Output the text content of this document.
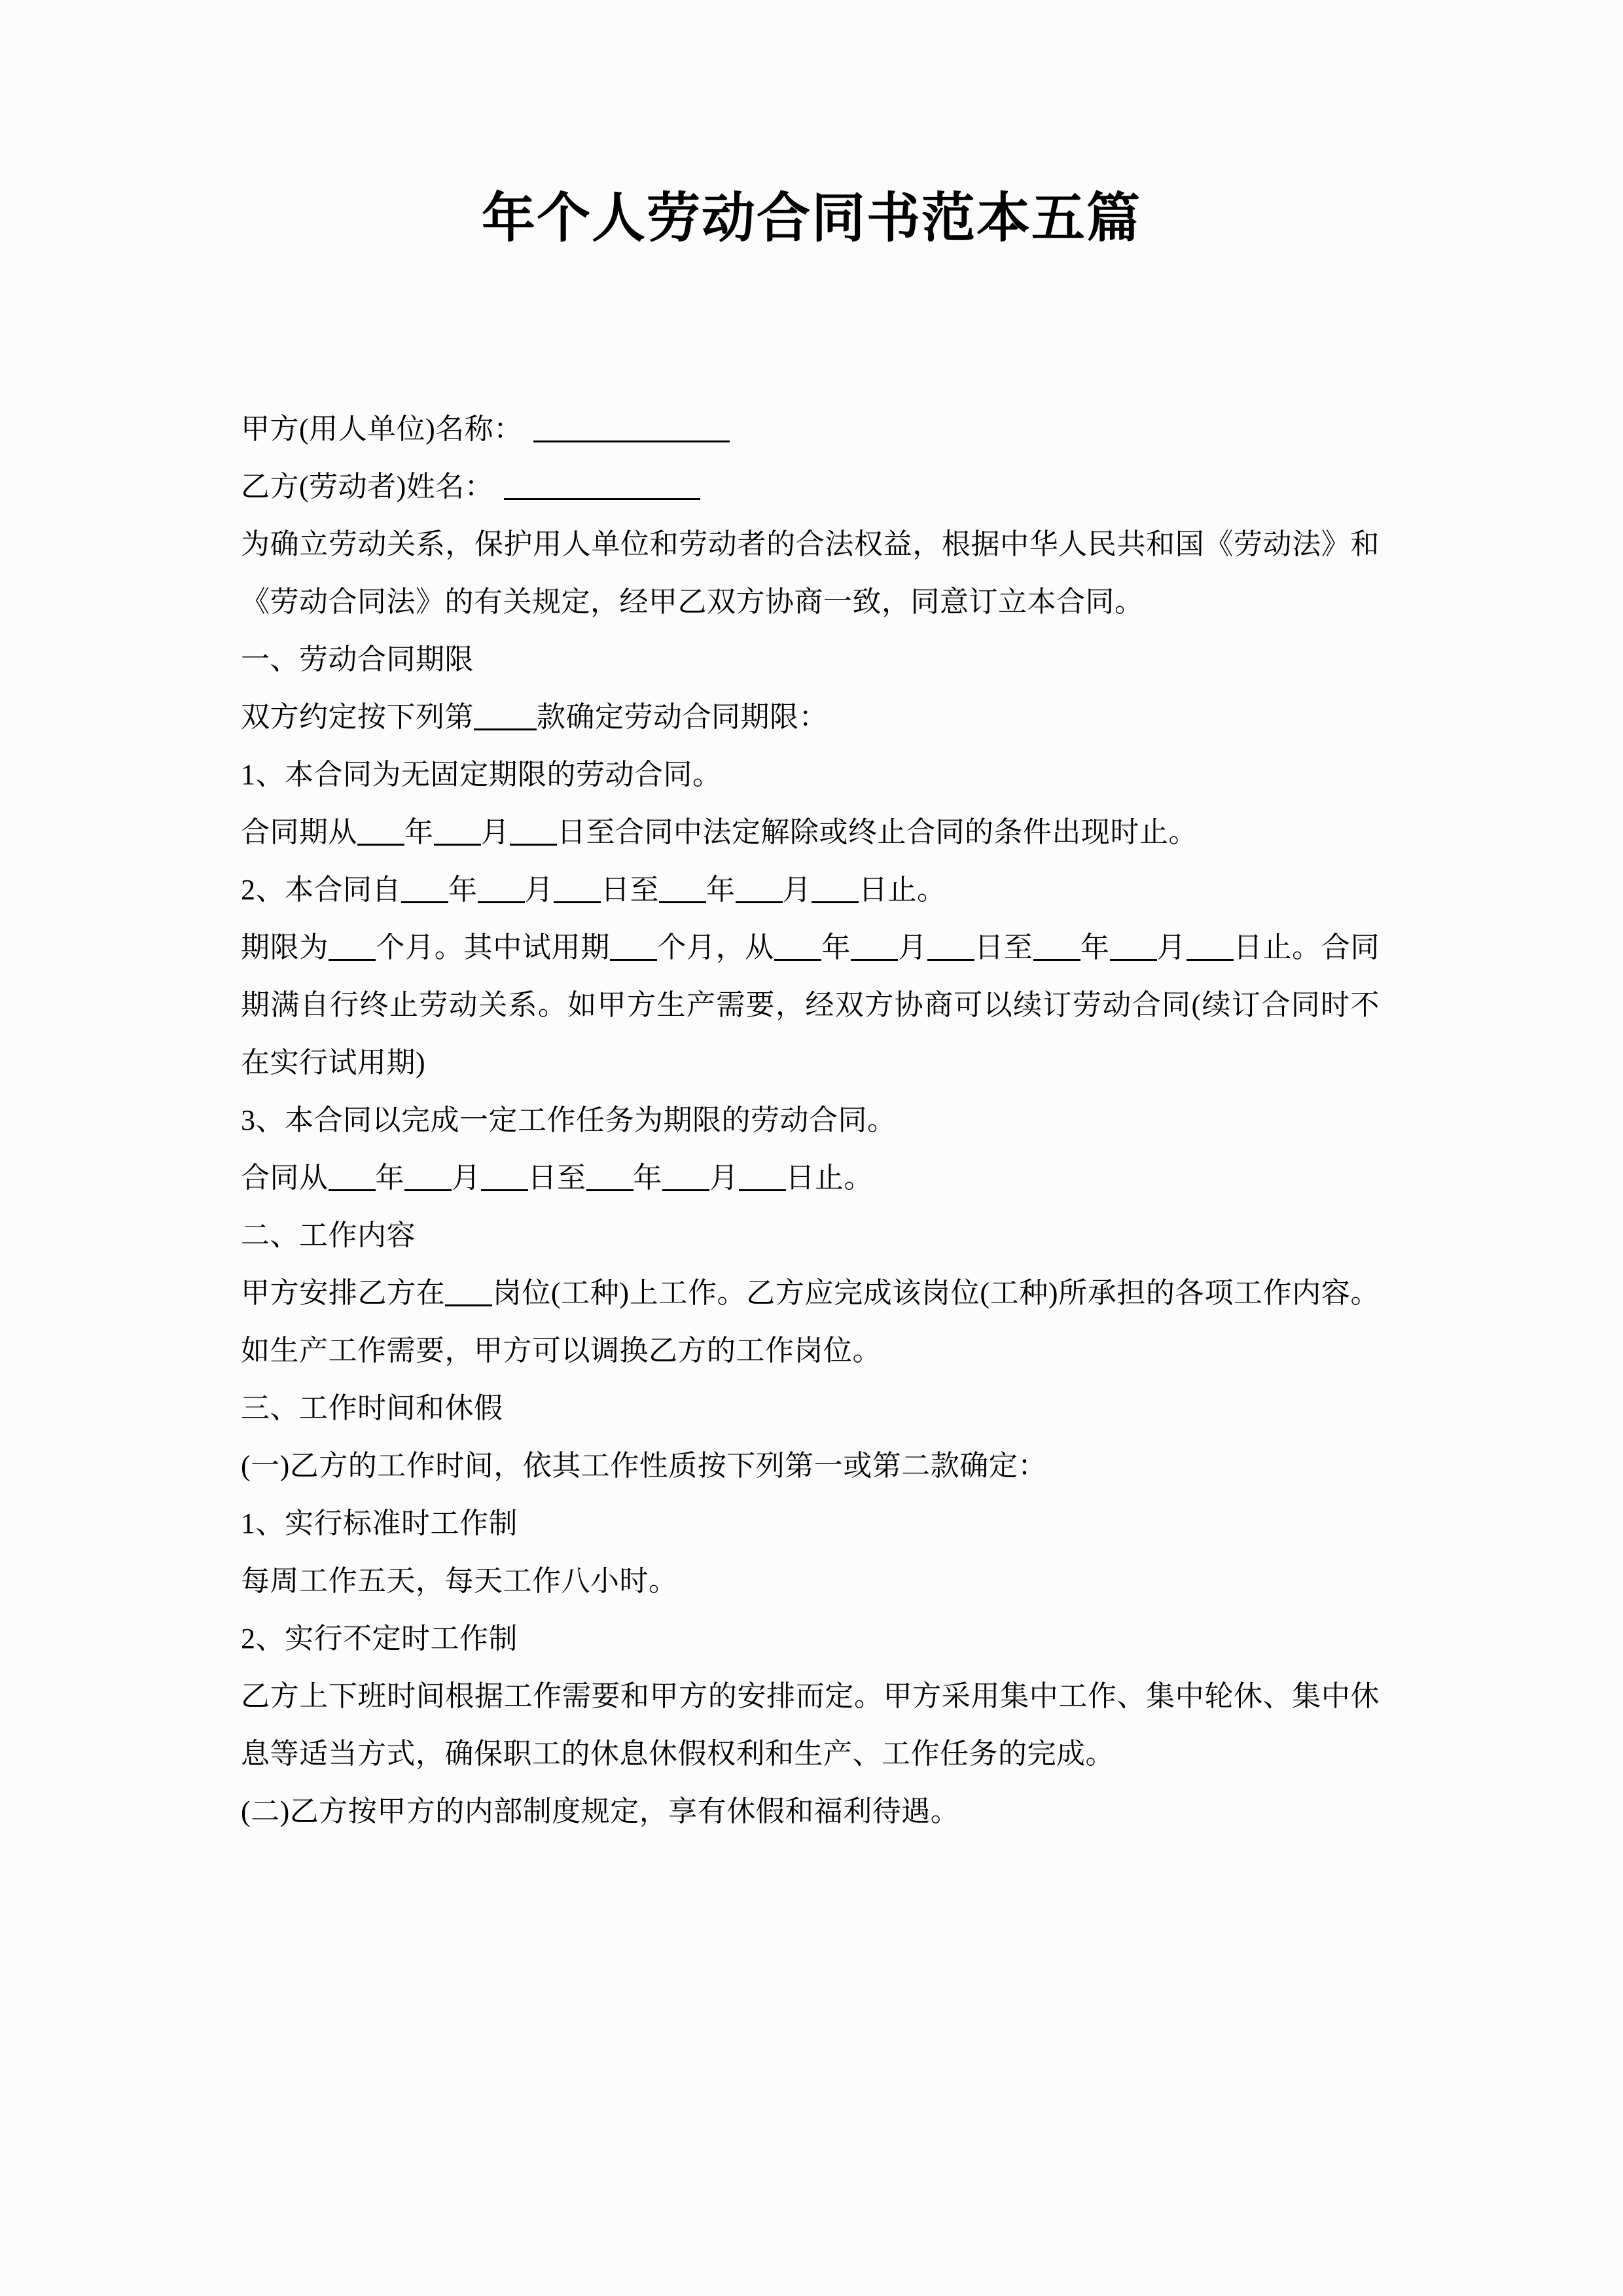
年个人劳动合同书范本五篇

甲方(用人单位)名称：

乙方(劳动者)姓名：

为确立劳动关系，保护用人单位和劳动者的合法权益，根据中华人民共和国《劳动法》和《劳动合同法》的有关规定，经甲乙双方协商一致，同意订立本合同。

一、劳动合同期限

双方约定按下列第 款确定劳动合同期限：

1、本合同为无固定期限的劳动合同。

合同期从 年 月 日至合同中法定解除或终止合同的条件出现时止。

2、本合同自 年 月 日至 年 月 日止。

期限为 个月。其中试用期 个月，从 年 月 日至 年 月 日止。合同期满自行终止劳动关系。如甲方生产需要，经双方协商可以续订劳动合同(续订合同时不在实行试用期)

3、本合同以完成一定工作任务为期限的劳动合同。

合同从 年 月 日至 年 月 日止。

二、工作内容

甲方安排乙方在 岗位(工种)上工作。乙方应完成该岗位(工种)所承担的各项工作内容。如生产工作需要，甲方可以调换乙方的工作岗位。

三、工作时间和休假

(一)乙方的工作时间，依其工作性质按下列第一或第二款确定：

1、实行标准时工作制

每周工作五天，每天工作八小时。

2、实行不定时工作制

乙方上下班时间根据工作需要和甲方的安排而定。甲方采用集中工作、集中轮休、集中休息等适当方式，确保职工的休息休假权利和生产、工作任务的完成。

(二)乙方按甲方的内部制度规定，享有休假和福利待遇。
